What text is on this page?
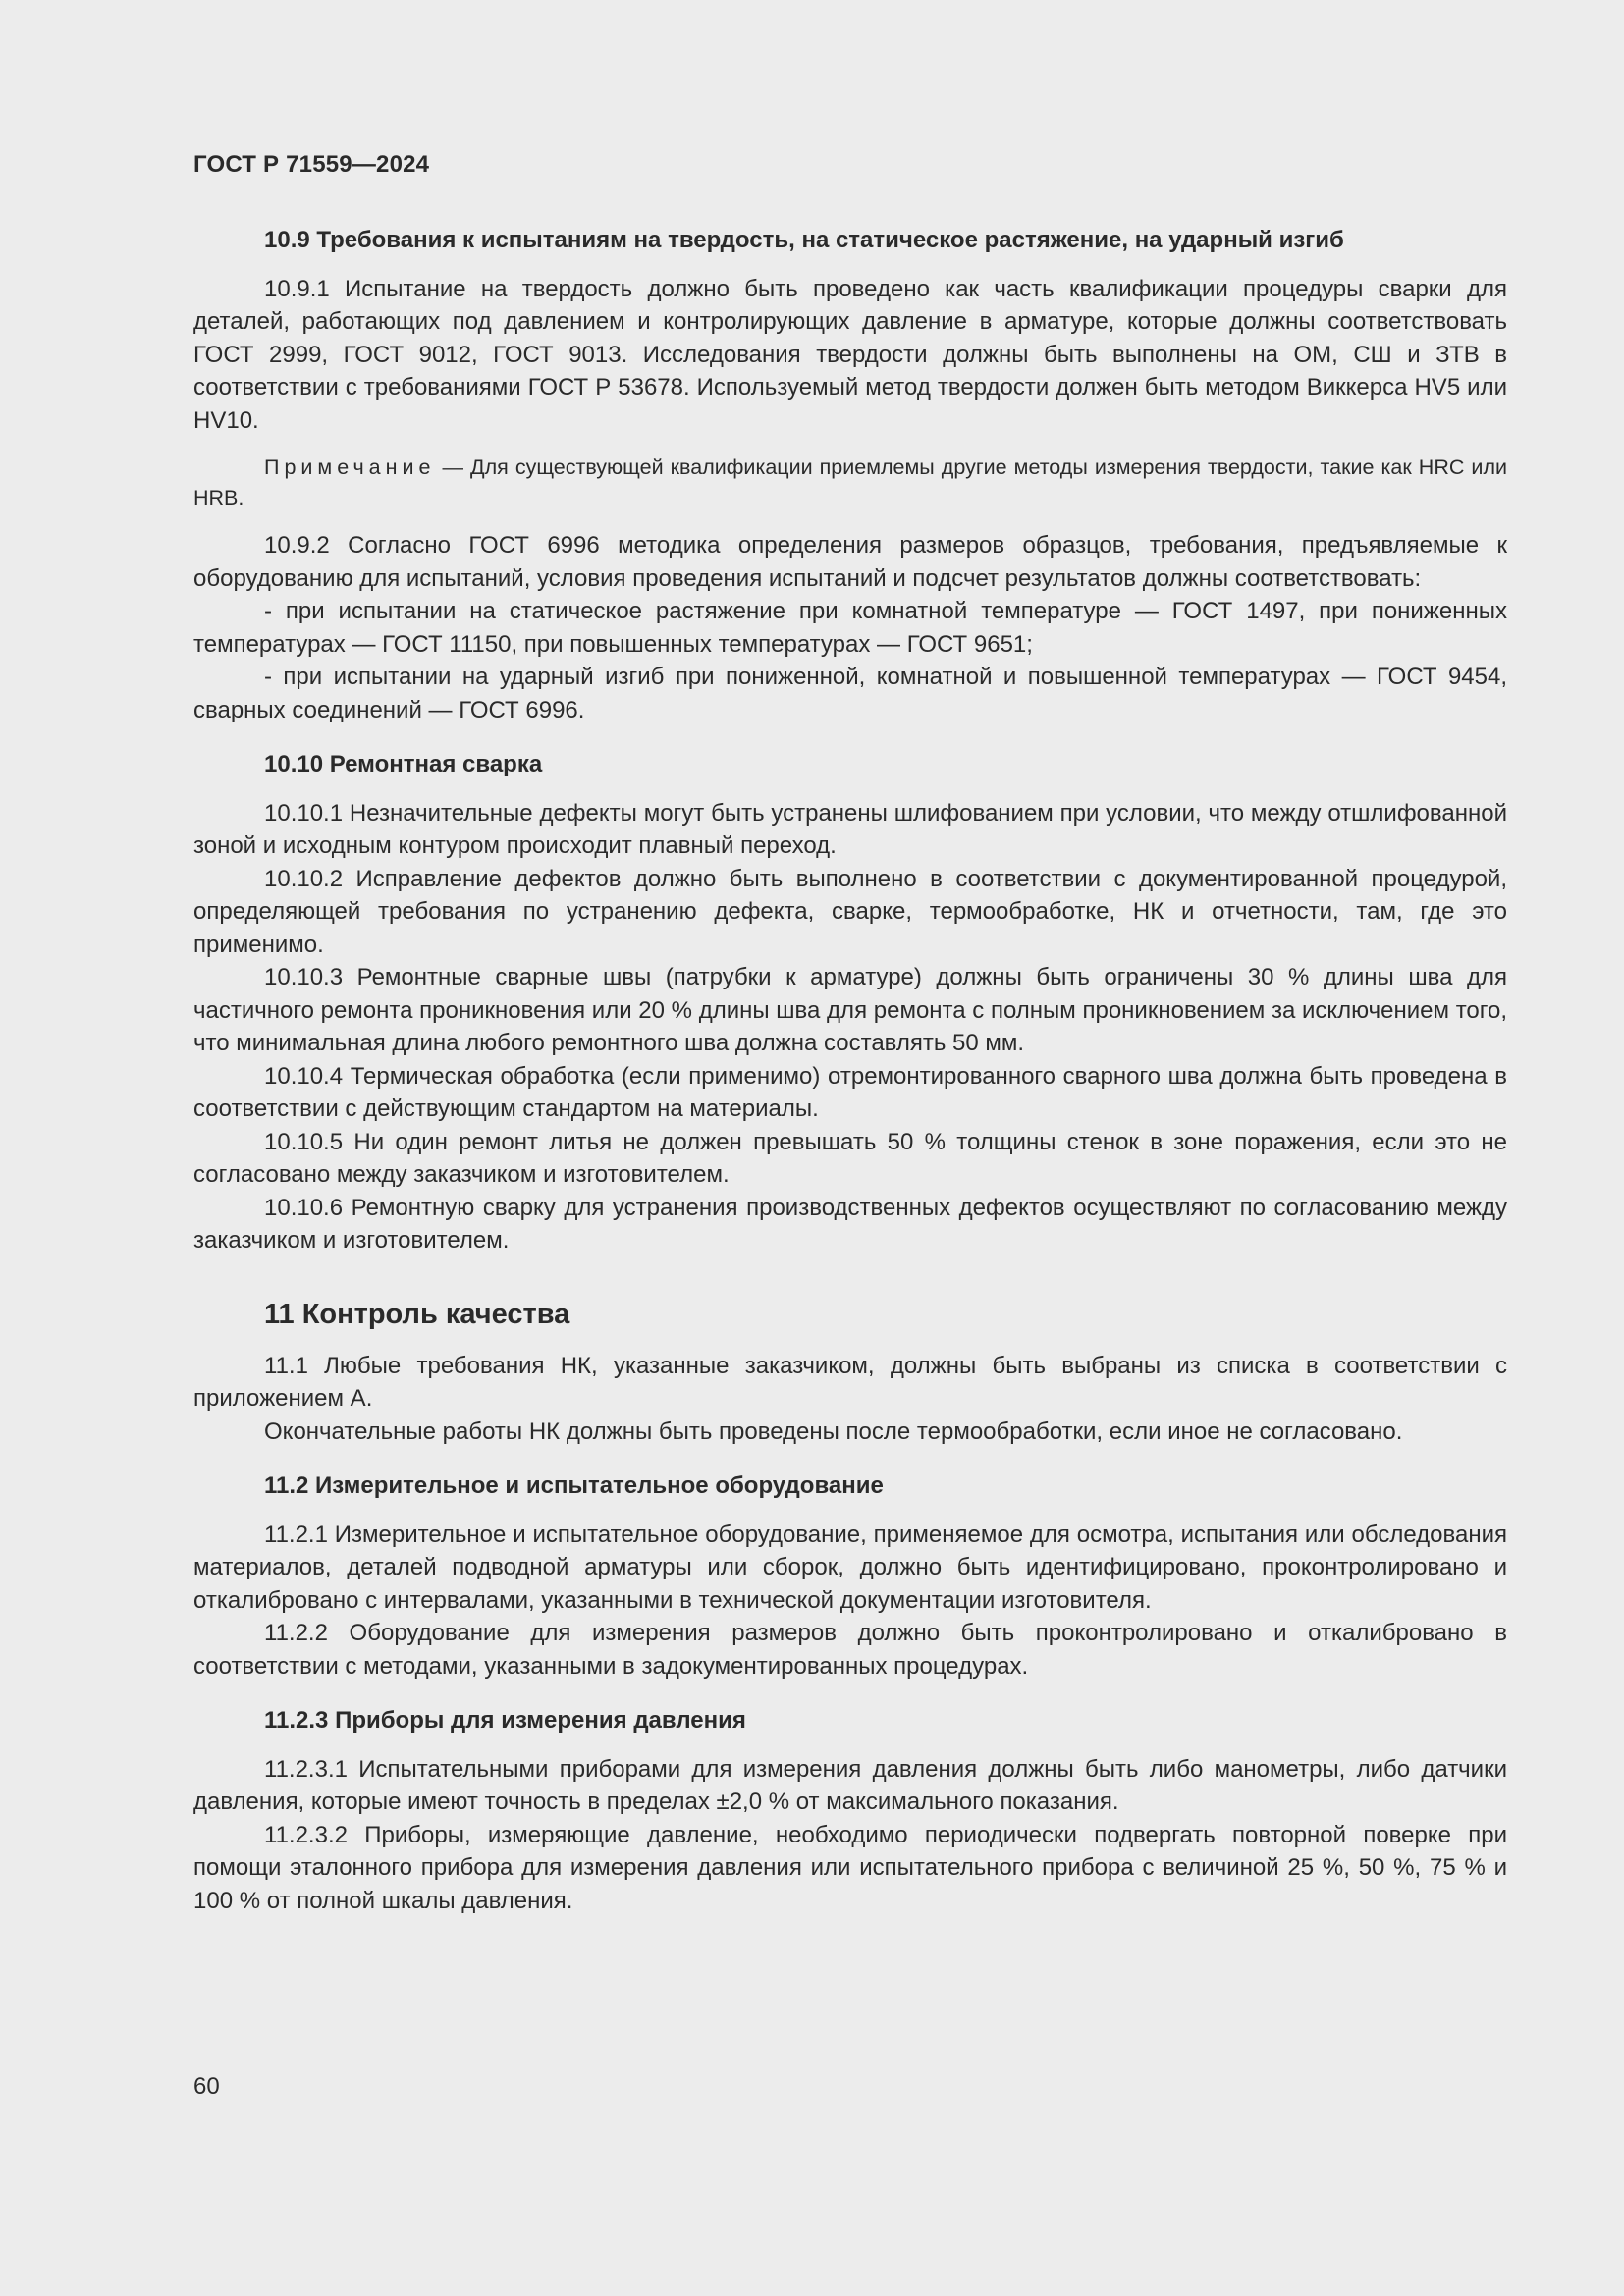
ГОСТ Р 71559—2024
10.9 Требования к испытаниям на твердость, на статическое растяжение, на ударный изгиб

10.9.1 Испытание на твердость должно быть проведено как часть квалификации процедуры сварки для деталей, работающих под давлением и контролирующих давление в арматуре, которые должны соответствовать ГОСТ 2999, ГОСТ 9012, ГОСТ 9013. Исследования твердости должны быть выполнены на ОМ, СШ и ЗТВ в соответствии с требованиями ГОСТ Р 53678. Используемый метод твердости должен быть методом Виккерса HV5 или HV10.

Примечание — Для существующей квалификации приемлемы другие методы измерения твердости, такие как HRC или HRB.

10.9.2 Согласно ГОСТ 6996 методика определения размеров образцов, требования, предъявляемые к оборудованию для испытаний, условия проведения испытаний и подсчет результатов должны соответствовать:

- при испытании на статическое растяжение при комнатной температуре — ГОСТ 1497, при пониженных температурах — ГОСТ 11150, при повышенных температурах — ГОСТ 9651;

- при испытании на ударный изгиб при пониженной, комнатной и повышенной температурах — ГОСТ 9454, сварных соединений — ГОСТ 6996.

10.10 Ремонтная сварка

10.10.1 Незначительные дефекты могут быть устранены шлифованием при условии, что между отшлифованной зоной и исходным контуром происходит плавный переход.

10.10.2 Исправление дефектов должно быть выполнено в соответствии с документированной процедурой, определяющей требования по устранению дефекта, сварке, термообработке, НК и отчетности, там, где это применимо.

10.10.3 Ремонтные сварные швы (патрубки к арматуре) должны быть ограничены 30 % длины шва для частичного ремонта проникновения или 20 % длины шва для ремонта с полным проникновением за исключением того, что минимальная длина любого ремонтного шва должна составлять 50 мм.

10.10.4 Термическая обработка (если применимо) отремонтированного сварного шва должна быть проведена в соответствии с действующим стандартом на материалы.

10.10.5 Ни один ремонт литья не должен превышать 50 % толщины стенок в зоне поражения, если это не согласовано между заказчиком и изготовителем.

10.10.6 Ремонтную сварку для устранения производственных дефектов осуществляют по согласованию между заказчиком и изготовителем.

11 Контроль качества

11.1 Любые требования НК, указанные заказчиком, должны быть выбраны из списка в соответствии с приложением А.

Окончательные работы НК должны быть проведены после термообработки, если иное не согласовано.

11.2 Измерительное и испытательное оборудование

11.2.1 Измерительное и испытательное оборудование, применяемое для осмотра, испытания или обследования материалов, деталей подводной арматуры или сборок, должно быть идентифицировано, проконтролировано и откалибровано с интервалами, указанными в технической документации изготовителя.

11.2.2 Оборудование для измерения размеров должно быть проконтролировано и откалибровано в соответствии с методами, указанными в задокументированных процедурах.

11.2.3 Приборы для измерения давления

11.2.3.1 Испытательными приборами для измерения давления должны быть либо манометры, либо датчики давления, которые имеют точность в пределах ±2,0 % от максимального показания.

11.2.3.2 Приборы, измеряющие давление, необходимо периодически подвергать повторной поверке при помощи эталонного прибора для измерения давления или испытательного прибора с величиной 25 %, 50 %, 75 % и 100 % от полной шкалы давления.

60
